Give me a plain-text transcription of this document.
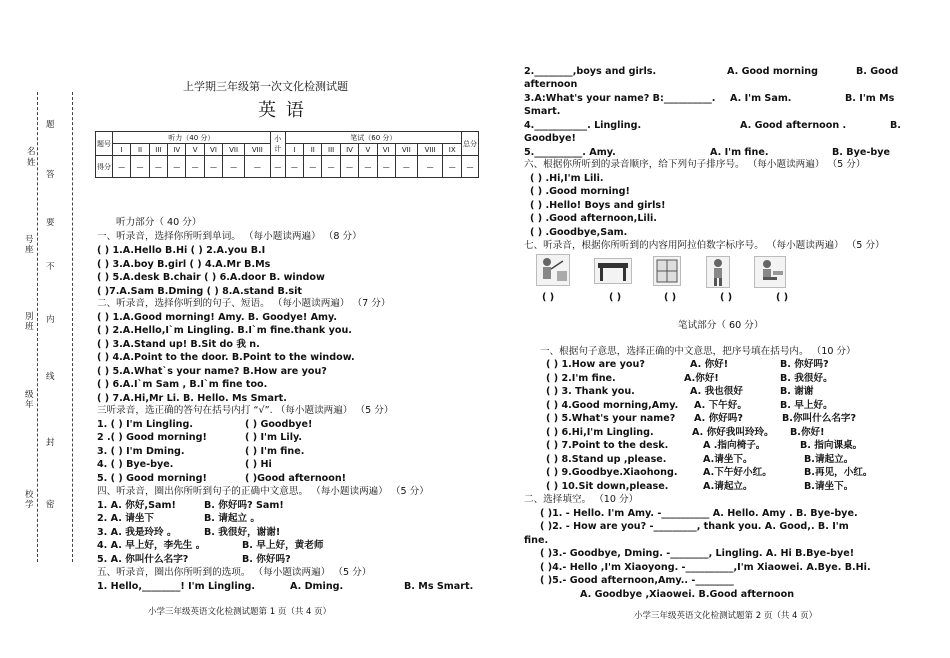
名
姓
号座
別班
级年
校学
题
答
要
不
内
线
封
密
上学期三年级第一次文化检测试题
英 语
题号	听力（40 分）								小计	笔试（60 分）									总分
	I	II	III	IV	V	VI	VII	VIII		I	II	III	IV	V	VI	VII	VIII	IX	
得分	—	—	—	—	—	—	—	—	—	—	—	—	—	—	—	—	—	—	—
听力部分（ 40 分）
一、听录音，选择你所听到单词。 （每小题读两遍） （8 分）
( ) 1.A.Hello B.Hi ( ) 2.A.you B.I
( ) 3.A.boy B.girl ( ) 4.A.Mr B.Ms
( ) 5.A.desk B.chair ( ) 6.A.door B. window
( )7.A.Sam B.Dming ( ) 8.A.stand B.sit
二、听录音，选择你听到的句子、短语。 （每小题读两遍） （7 分）
( ) 1.A.Good morning! Amy. B. Goodye! Amy.
( ) 2.A.Hello,I`m Lingling. B.I`m fine.thank you.
( ) 3.A.Stand up! B.Sit do 我 n.
( ) 4.A.Point to the door. B.Point to the window.
( ) 5.A.What`s your name? B.How are you?
( ) 6.A.I`m Sam , B.I`m fine too.
( ) 7.A.Hi,Mr Li. B. Hello. Ms Smart.
三听录音，选正确的答句在括号内打 “√”. （每小题读两遍） （5 分）
1. ( ) I'm Lingling.	( ) Goodbye!
2 .( ) Good morning!	( ) I'm Lily.
3. ( ) I'm Dming.	( ) I'm fine.
4. ( ) Bye-bye.	( ) Hi
5. ( ) Good morning!	( )Good afternoon!
四、听录音，圈出你所听到句子的正确中文意思。 （每小题读两遍） （5 分）
1. A. 你好,Sam!	B. 你好吗? Sam!
2. A. 请坐下	B. 请起立 。
3. A. 我是玲玲 。	B. 我很好，谢谢!
4. A. 早上好，李先生 。	B. 早上好，黄老师
5. A. 你叫什么名字?	B. 你好吗?
五、听录音，圈出你所听到的选项。 （每小题读两遍） （5 分）
1. Hello,________! I'm Lingling.	A. Dming.	B. Ms Smart.
小学三年级英语文化检测试题第 1 页（共 4 页）
2.________,boys and girls.	A. Good morning	B. Good
afternoon
3.A:What's your name? B:__________. A. I'm Sam.	B. I'm Ms
Smart.
4.___________. Lingling.	A. Good afternoon .	B.
Goodbye!
5.__________. Amy.	A. I'm fine.	B. Bye-bye
六、根据你所听到的录音顺序，给下列句子排序号。 （每小题读两遍） （5 分）
( ) .Hi,I'm Lili.
( ) .Good morning!
( ) .Hello! Boys and girls!
( ) .Good afternoon,Lili.
( ) .Goodbye,Sam.
七、听录音，根据你所听到的内容用阿拉伯数字标序号。 （每小题读两遍） （5 分）
( )	( )	( )	( )	( )
笔试部分（ 60 分）
一、根据句子意思，选择正确的中文意思，把序号填在括号内。 （10 分）
( ) 1.How are you?	A. 你好!	B. 你好吗?
( ) 2.I'm fine.	A.你好!	B. 我很好。
( ) 3. Thank you.	A. 我也很好	B. 谢谢
( ) 4.Good morning,Amy. A. 下午好。	B. 早上好。
( ) 5.What's your name? A. 你好吗?	B.你叫什么名字?
( ) 6.Hi,I'm Lingling.	A. 你好我叫玲玲。 B.你好!
( ) 7.Point to the desk.	A .指向椅子。	B. 指向课桌。
( ) 8.Stand up ,please.	A.请坐下。	B.请起立。
( ) 9.Goodbye.Xiaohong.	A.下午好小红。	B.再见，小红。
( ) 10.Sit down,please.	A.请起立。	B.请坐下。
二、选择填空。 （10 分）
( )1. - Hello. I'm Amy. -__________ A. Hello. Amy . B. Bye-bye.
( )2. - How are you? -_________, thank you. A. Good,. B. I'm
fine.
( )3.- Goodbye, Dming. -________, Lingling. A. Hi B.Bye-bye!
( )4.- Hello ,I'm Xiaoyong. -__________,I'm Xiaowei. A.Bye. B.Hi.
( )5.- Good afternoon,Amy.. -________
A. Goodbye ,Xiaowei. B.Good afternoon
小学三年级英语文化检测试题第 2 页（共 4 页）
